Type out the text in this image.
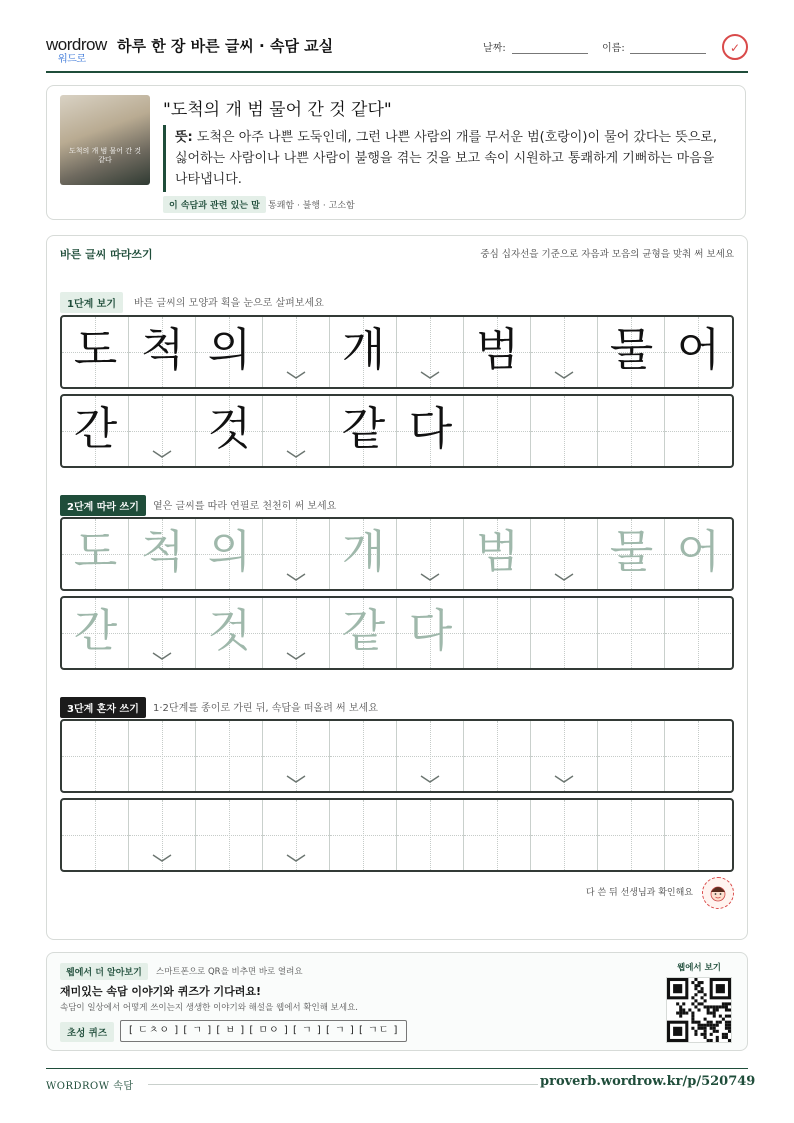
wordrow
워드로
하루 한 장 바른 글씨 · 속담 교실	날짜:	이름:	✓
도척의 개 범 물어 간 것 같다
"도척의 개 범 물어 간 것 같다"
뜻: 도척은 아주 나쁜 도둑인데, 그런 나쁜 사람의 개를 무서운 범(호랑이)이 물어 갔다는 뜻으로, 싫어하는 사람이나 나쁜 사람이 불행을 겪는 것을 보고 속이 시원하고 통쾌하게 기뻐하는 마음을 나타냅니다.
이 속담과 관련 있는 말 통쾌함 · 불행 · 고소함
바른 글씨 따라쓰기	중심 십자선을 기준으로 자음과 모음의 균형을 맞춰 써 보세요
1단계 보기	바른 글씨의 모양과 획을 눈으로 살펴보세요
2단계 따라 쓰기	옅은 글씨를 따라 연필로 천천히 써 보세요
3단계 혼자 쓰기	1·2단계를 종이로 가린 뒤, 속담을 떠올려 써 보세요
도 척 의 개 범 물 어
간 것 같 다
도 척 의 개 범 물 어
간 것 같 다
다 쓴 뒤 선생님과 확인해요
웹에서 더 알아보기	스마트폰으로 QR을 비추면 바로 열려요
재미있는 속담 이야기와 퀴즈가 기다려요!
속담이 일상에서 어떻게 쓰이는지 생생한 이야기와 해설을 웹에서 확인해 보세요.
초성 퀴즈	[ ㄷㅊㅇ ] [ ㄱ ] [ ㅂ ] [ ㅁㅇ ] [ ㄱ ] [ ㄱ ] [ ㄱㄷ ]
웹에서 보기
WORDROW 속담	proverb.wordrow.kr/p/520749
